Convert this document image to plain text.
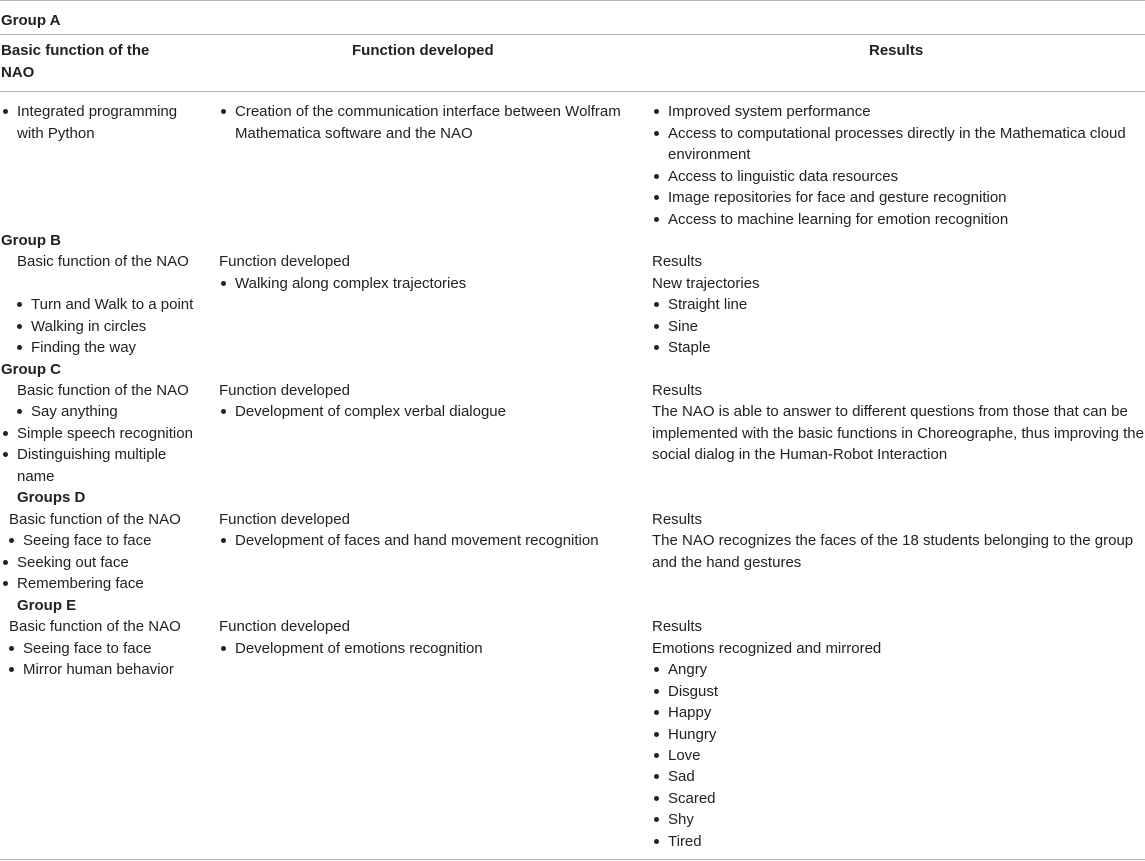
Group A
Basic function of the
NAO
Function developed	Results
Integrated programming
with Python
Creation of the communication interface between Wolfram
Mathematica software and the NAO
Improved system performance
Access to computational processes directly in the Mathematica cloud
environment
Access to linguistic data resources
Image repositories for face and gesture recognition
Access to machine learning for emotion recognition
Group B
Basic function of the NAO
Turn and Walk to a point
Walking in circles
Finding the way
Function developed
Walking along complex trajectories
Results
New trajectories
Straight line
Sine
Staple
Group C
Basic function of the NAO
Say anything
Simple speech recognition
Distinguishing multiple
name
Function developed
Development of complex verbal dialogue
Results
The NAO is able to answer to different questions from those that can be
implemented with the basic functions in Choreographe, thus improving the
social dialog in the Human-Robot Interaction
Groups D
Basic function of the NAO
Seeing face to face
Seeking out face
Remembering face
Function developed
Development of faces and hand movement recognition
Results
The NAO recognizes the faces of the 18 students belonging to the group
and the hand gestures
Group E
Basic function of the NAO
Seeing face to face
Mirror human behavior
Function developed
Development of emotions recognition
Results
Emotions recognized and mirrored
Angry
Disgust
Happy
Hungry
Love
Sad
Scared
Shy
Tired
